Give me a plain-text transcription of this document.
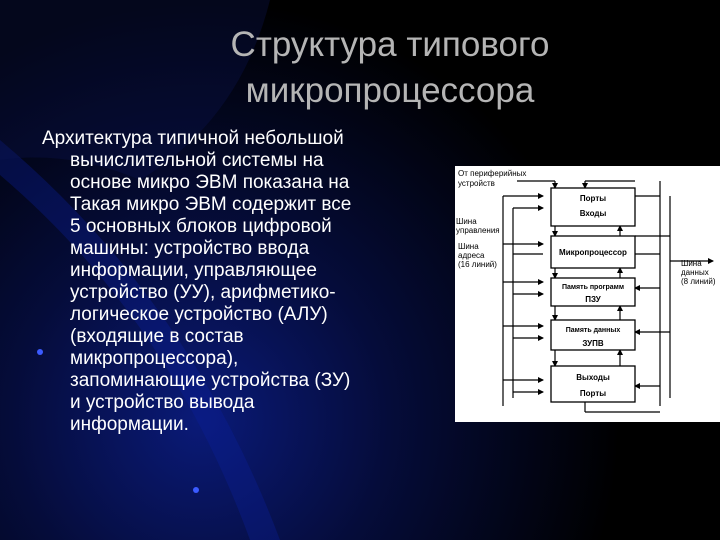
Структура типового
микропроцессора
Архитектура типичной небольшой
вычислительной системы на
основе микро ЭВМ показана на
Такая микро ЭВМ содержит все
5 основных блоков цифровой
машины: устройство ввода
информации, управляющее
устройство (УУ), арифметико-
логическое устройство (АЛУ)
(входящие в состав
микропроцессора),
запоминающие устройства (ЗУ)
и устройство вывода
информации.
От периферийных
устройств
Шина
управления
Шина
адреса
(16 линий)	Шина
данных
(8 линий)
Порты
Входы
Микропроцессор
Память программ
ПЗУ
Память данных
ЗУПВ
Выходы
Порты
